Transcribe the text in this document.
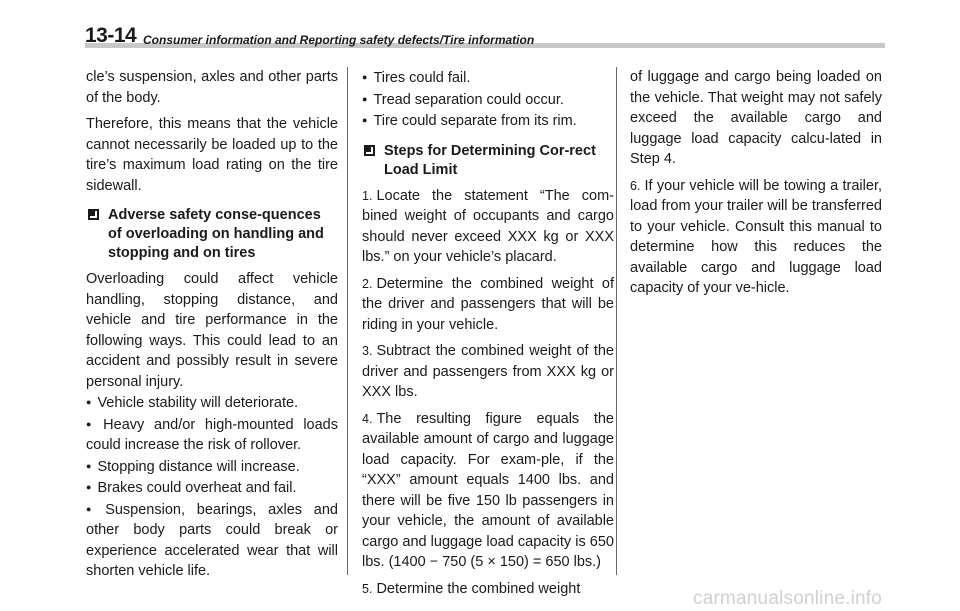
13-14 Consumer information and Reporting safety defects/Tire information

cle’s suspension, axles and other parts of the body.

Therefore, this means that the vehicle cannot necessarily be loaded up to the tire’s maximum load rating on the tire sidewall.

Adverse safety conse-quences of overloading on handling and stopping and on tires

Overloading could affect vehicle handling, stopping distance, and vehicle and tire performance in the following ways. This could lead to an accident and possibly result in severe personal injury.

● Vehicle stability will deteriorate.
● Heavy and/or high-mounted loads could increase the risk of rollover.
● Stopping distance will increase.
● Brakes could overheat and fail.
● Suspension, bearings, axles and other body parts could break or experience accelerated wear that will shorten vehicle life.
● Tires could fail.
● Tread separation could occur.
● Tire could separate from its rim.
Steps for Determining Cor-rect Load Limit

1. Locate the statement “The com-bined weight of occupants and cargo should never exceed XXX kg or XXX lbs.” on your vehicle’s placard.

2. Determine the combined weight of the driver and passengers that will be riding in your vehicle.

3. Subtract the combined weight of the driver and passengers from XXX kg or XXX lbs.

4. The resulting figure equals the available amount of cargo and luggage load capacity. For exam-ple, if the “XXX” amount equals 1400 lbs. and there will be five 150 lb passengers in your vehicle, the amount of available cargo and luggage load capacity is 650 lbs. (1400 − 750 (5 × 150) = 650 lbs.)

5. Determine the combined weight

of luggage and cargo being loaded on the vehicle. That weight may not safely exceed the available cargo and luggage load capacity calcu-lated in Step 4.

6. If your vehicle will be towing a trailer, load from your trailer will be transferred to your vehicle. Consult this manual to determine how this reduces the available cargo and luggage load capacity of your ve-hicle.

carmanualsonline.info
